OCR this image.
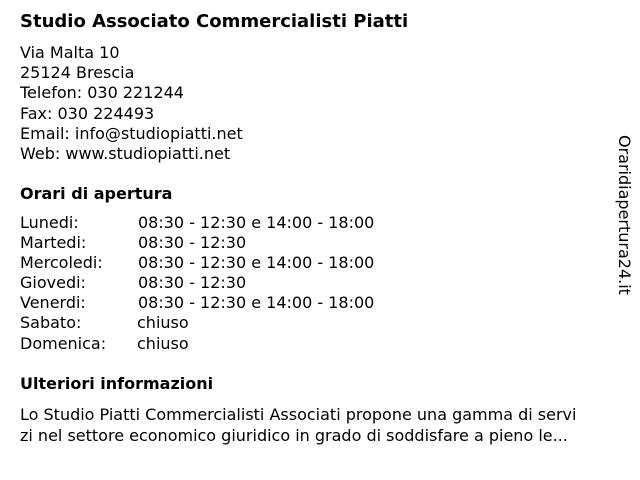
Studio Associato Commercialisti Piatti
Via Malta 10
25124 Brescia
Telefon: 030 221244
Fax: 030 224493
Email: info@studiopiatti.net
Web: www.studiopiatti.net
Orari di apertura
Lunedi:	08:30 - 12:30 e 14:00 - 18:00
Martedi:	08:30 - 12:30
Mercoledi: 08:30 - 12:30 e 14:00 - 18:00
Giovedi:	08:30 - 12:30
Venerdi:	08:30 - 12:30 e 14:00 - 18:00
Sabato:	chiuso
Domenica: chiuso
Ulteriori informazioni
Lo Studio Piatti Commercialisti Associati propone una gamma di servi
zi nel settore economico giuridico in grado di soddisfare a pieno le...
Oraridiapertura24.it
